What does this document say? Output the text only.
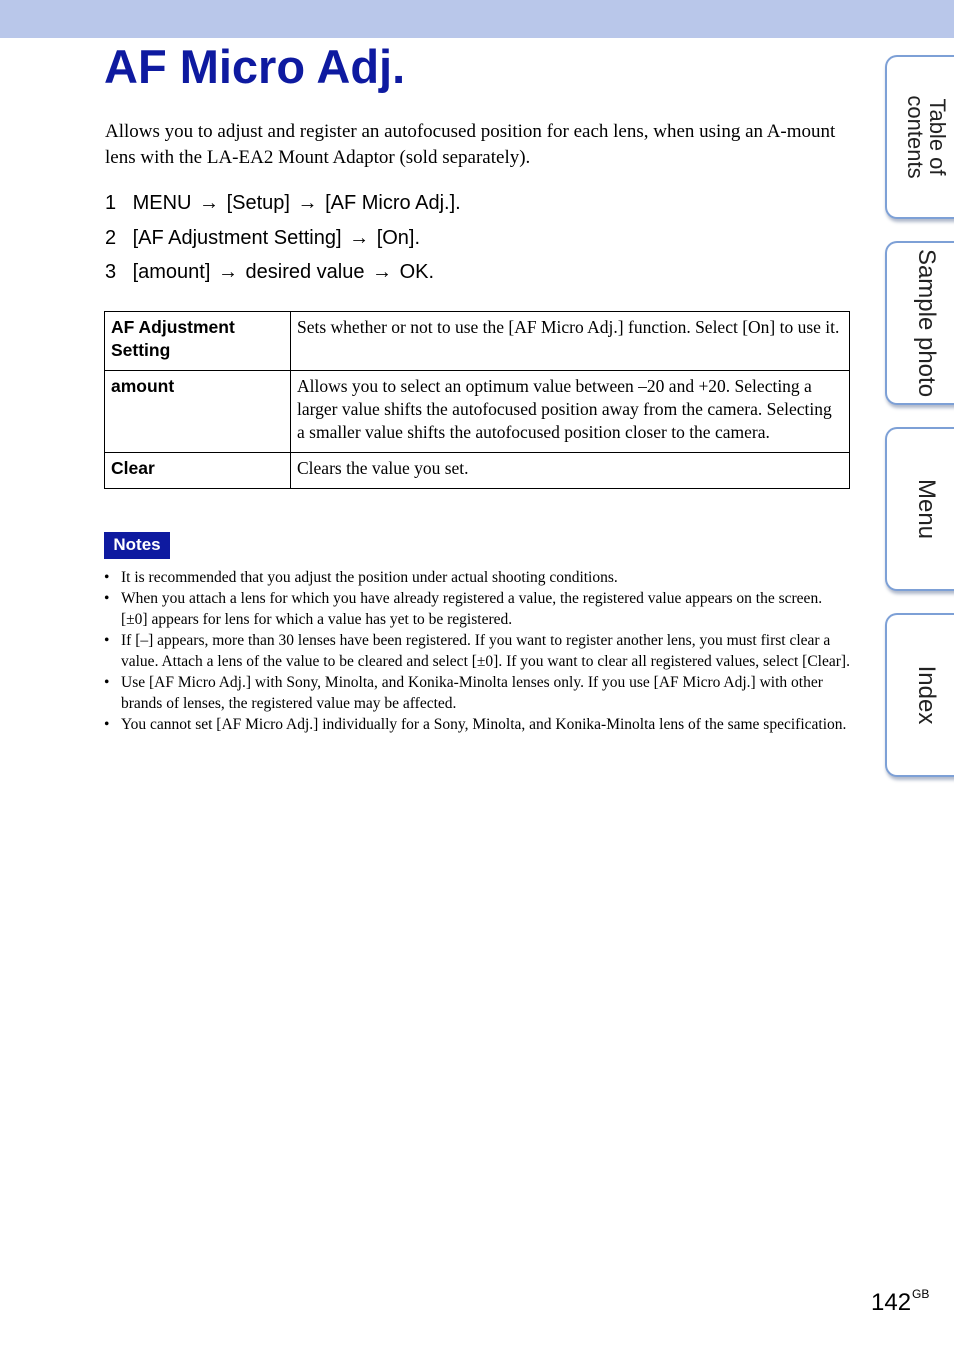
AF Micro Adj.

Allows you to adjust and register an autofocused position for each lens, when using an A-mount lens with the LA-EA2 Mount Adaptor (sold separately).

1 MENU → [Setup] → [AF Micro Adj.].
2 [AF Adjustment Setting] → [On].
3 [amount] → desired value → OK.
AF Adjustment Setting	Sets whether or not to use the [AF Micro Adj.] function. Select [On] to use it.
amount	Allows you to select an optimum value between –20 and +20. Selecting a larger value shifts the autofocused position away from the camera. Selecting a smaller value shifts the autofocused position closer to the camera.
Clear	Clears the value you set.
Notes
• It is recommended that you adjust the position under actual shooting conditions.
• When you attach a lens for which you have already registered a value, the registered value appears on the screen. [±0] appears for lens for which a value has yet to be registered.
• If [–] appears, more than 30 lenses have been registered. If you want to register another lens, you must first clear a value. Attach a lens of the value to be cleared and select [±0]. If you want to clear all registered values, select [Clear].
• Use [AF Micro Adj.] with Sony, Minolta, and Konika-Minolta lenses only. If you use [AF Micro Adj.] with other brands of lenses, the registered value may be affected.
• You cannot set [AF Micro Adj.] individually for a Sony, Minolta, and Konika-Minolta lens of the same specification.
Table of
contents
Sample photo
Menu
Index
$142^{GB}$
